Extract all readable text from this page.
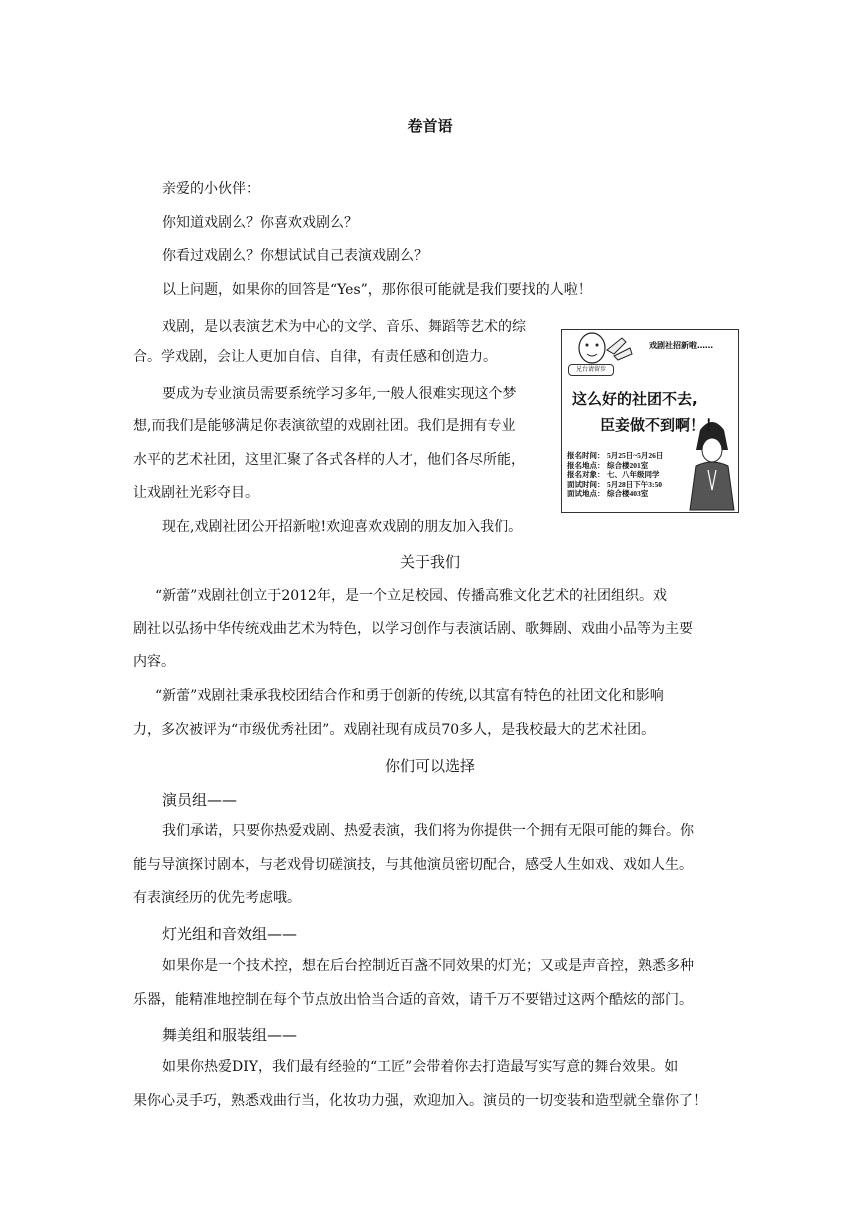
卷首语
亲爱的小伙伴：
你知道戏剧么？你喜欢戏剧么？
你看过戏剧么？你想试试自己表演戏剧么？
以上问题，如果你的回答是“Yes”，那你很可能就是我们要找的人啦！
戏剧，是以表演艺术为中心的文学、音乐、舞蹈等艺术的综
合。学戏剧，会让人更加自信、自律，有责任感和创造力。
要成为专业演员需要系统学习多年,一般人很难实现这个梦
想,而我们是能够满足你表演欲望的戏剧社团。我们是拥有专业
水平的艺术社团，这里汇聚了各式各样的人才，他们各尽所能，
让戏剧社光彩夺目。
现在,戏剧社团公开招新啦!欢迎喜欢戏剧的朋友加入我们。
戏剧社招新啦……
兄台请留步
这么好的社团不去,
臣妾做不到啊！！
报名时间： 5月25日~5月26日
报名地点： 综合楼201室
报名对象： 七、八年级同学
面试时间： 5月28日下午3:50
面试地点： 综合楼403室
关于我们
“新蕾”戏剧社创立于2012年，是一个立足校园、传播高雅文化艺术的社团组织。戏
剧社以弘扬中华传统戏曲艺术为特色，以学习创作与表演话剧、歌舞剧、戏曲小品等为主要
内容。
“新蕾”戏剧社秉承我校团结合作和勇于创新的传统,以其富有特色的社团文化和影响
力，多次被评为“市级优秀社团”。戏剧社现有成员70多人，是我校最大的艺术社团。
你们可以选择
演员组——
我们承诺，只要你热爱戏剧、热爱表演，我们将为你提供一个拥有无限可能的舞台。你
能与导演探讨剧本，与老戏骨切磋演技，与其他演员密切配合，感受人生如戏、戏如人生。
有表演经历的优先考虑哦。
灯光组和音效组——
如果你是一个技术控，想在后台控制近百盏不同效果的灯光；又或是声音控，熟悉多种
乐器，能精准地控制在每个节点放出恰当合适的音效，请千万不要错过这两个酷炫的部门。
舞美组和服装组——
如果你热爱DIY，我们最有经验的“工匠”会带着你去打造最写实写意的舞台效果。如
果你心灵手巧，熟悉戏曲行当，化妆功力强，欢迎加入。演员的一切变装和造型就全靠你了！
